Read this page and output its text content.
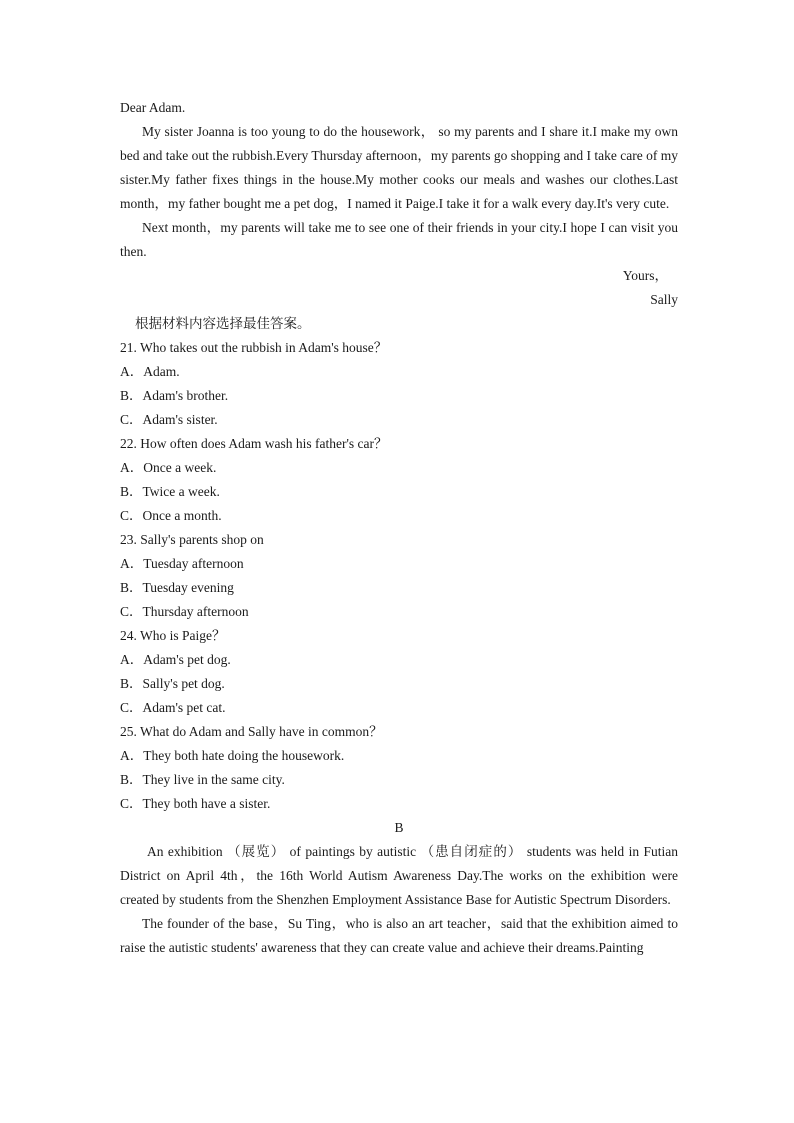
Dear Adam.

My sister Joanna is too young to do the housework， so my parents and I share it.I make my own bed and take out the rubbish.Every Thursday afternoon，my parents go shopping and I take care of my sister.My father fixes things in the house.My mother cooks our meals and washes our clothes.Last month，my father bought me a pet dog，I named it Paige.I take it for a walk every day.It's very cute.

Next month，my parents will take me to see one of their friends in your city.I hope I can visit you then.

Yours，

Sally

根据材料内容选择最佳答案。

21. Who takes out the rubbish in Adam's house？

A．Adam.

B．Adam's brother.

C．Adam's sister.

22. How often does Adam wash his father's car？

A．Once a week.

B．Twice a week.

C．Once a month.

23. Sally's parents shop on

A．Tuesday afternoon

B．Tuesday evening

C．Thursday afternoon

24. Who is Paige？

A．Adam's pet dog.

B．Sally's pet dog.

C．Adam's pet cat.

25. What do Adam and Sally have in common？

A．They both hate doing the housework.

B．They live in the same city.

C．They both have a sister.

B

An exhibition （展览） of paintings by autistic （患自闭症的） students was held in Futian District on April 4th，the 16th World Autism Awareness Day.The works on the exhibition were created by students from the Shenzhen Employment Assistance Base for Autistic Spectrum Disorders.

The founder of the base，Su Ting，who is also an art teacher，said that the exhibition aimed to raise the autistic students' awareness that they can create value and achieve their dreams.Painting
